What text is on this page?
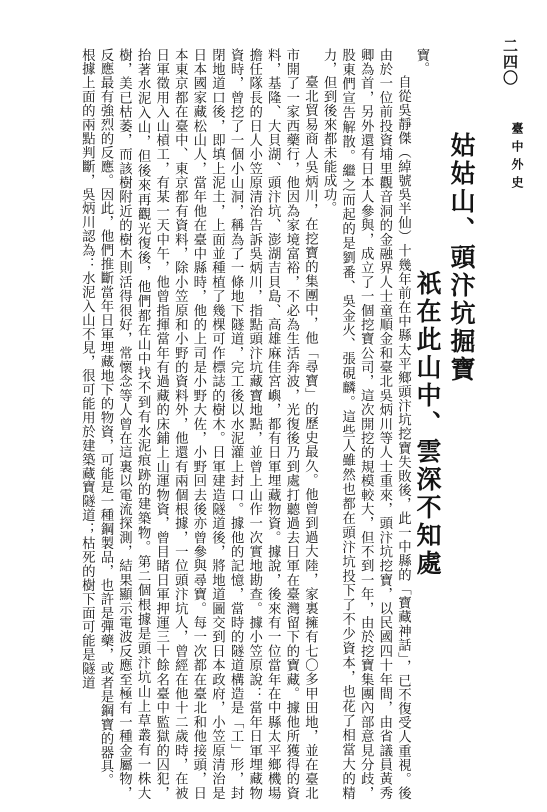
二四〇
臺中外史
姑姑山、頭汴坑掘寶
祇在此山中、雲深不知處

寶。

自從吳靜傑（綽號吳半仙）十幾年前在中縣太平鄉頭汴坑挖寶失敗後，此一中縣的「寶藏神話」，已不復受人重視。後由於一位前投資埔里觀音洞的金融界人士童順金和臺北吳炳川等人士重來，頭汴坑挖寶，以民國四十年間，由省議員黃秀卿為首，另外還有日本人參與，成立了一個挖寶公司，這次開挖的規模較大，但不到一年，由於挖寶集團內部意見分歧，股東們宣告解散。繼之而起的是劉番、吳金火、張硯麟。這些人雖然也都在頭汴坑投下了不少資本，也花了相當大的精力，但到後來都未能成功。

臺北貿易商人吳炳川，在挖寶的集團中，他「尋寶」的歷史最久。他曾到過大陸，家裏擁有七〇多甲田地，並在臺北市開了一家西藥行，他因為家境富裕，不必為生活奔波，光復後乃到處打聽過去日軍在臺灣留下的寶藏。據他所獲得的資料，基隆、大貝湖、頭汴坑、澎湖吉貝島、高雄麻佳宮嶼，都有日軍埋藏物資。據說，後來有一位當年在中縣太平鄉機場擔任隊長的日人小笠原清治告訴吳炳川，指點頭汴坑藏寶地點，並曾上山作一次實地勘查。據小笠原說：當年日軍埋藏物資時，曾挖了一個小山洞，稱為了一條地下隧道，完工後以水泥灌上封口。據他的記憶，當時的隧道構造是「工」形，封閉地道口後，即填上泥土，上面並種植了幾棵可作標誌的樹木。日軍建造隧道後，將地道圖交到日本政府，小笠原清治是日本國家藏松山人，當年他在臺中縣時，他的上司是小野大佐，小野回去後亦曾參與尋寶。每一次都在臺北和他接頭，日本東京都在臺中、東京都有資料，除小笠原和小野的資料外，他還有兩個根據，一位頭汴坑人，曾經在他十二歲時，在被日軍徵用入山槓工，有某一天中午，他曾指揮當年有過藏的床鋪上山運物資，曾目睹日軍押運三十餘名臺中監獄的囚犯，抬著水泥入山，但後來再觀光復後，他們都在山中找不到有水泥痕跡的建築物。第二個根據是頭汴坑山上草叢有一株大樹，美已枯萎，而該樹附近的樹木則活得很好，常懷念等人曾在這裏以電流探測，結果顯示電波反應至極有一種金屬物，反應最有強烈的反應。因此，他們推斷當年日軍埋藏地下的物資，可能是一種鋼製品，也許是彈藥，或者是鋼寶的器具。

根據上面的兩點判斷，吳炳川認為：水泥入山不見，很可能用於建築藏寶隧道；枯死的樹下面可能是隧道
